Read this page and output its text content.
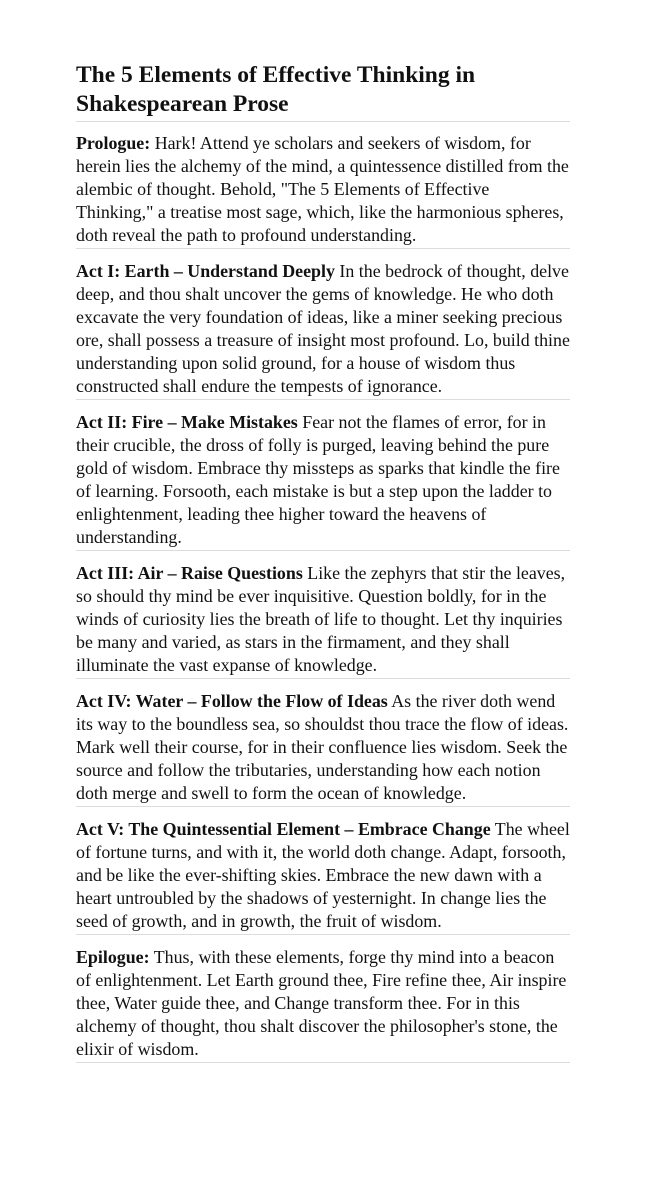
The 5 Elements of Effective Thinking in Shakespearean Prose
Prologue: Hark! Attend ye scholars and seekers of wisdom, for herein lies the alchemy of the mind, a quintessence distilled from the alembic of thought. Behold, "The 5 Elements of Effective Thinking," a treatise most sage, which, like the harmonious spheres, doth reveal the path to profound understanding.
Act I: Earth – Understand Deeply In the bedrock of thought, delve deep, and thou shalt uncover the gems of knowledge. He who doth excavate the very foundation of ideas, like a miner seeking precious ore, shall possess a treasure of insight most profound. Lo, build thine understanding upon solid ground, for a house of wisdom thus constructed shall endure the tempests of ignorance.
Act II: Fire – Make Mistakes Fear not the flames of error, for in their crucible, the dross of folly is purged, leaving behind the pure gold of wisdom. Embrace thy missteps as sparks that kindle the fire of learning. Forsooth, each mistake is but a step upon the ladder to enlightenment, leading thee higher toward the heavens of understanding.
Act III: Air – Raise Questions Like the zephyrs that stir the leaves, so should thy mind be ever inquisitive. Question boldly, for in the winds of curiosity lies the breath of life to thought. Let thy inquiries be many and varied, as stars in the firmament, and they shall illuminate the vast expanse of knowledge.
Act IV: Water – Follow the Flow of Ideas As the river doth wend its way to the boundless sea, so shouldst thou trace the flow of ideas. Mark well their course, for in their confluence lies wisdom. Seek the source and follow the tributaries, understanding how each notion doth merge and swell to form the ocean of knowledge.
Act V: The Quintessential Element – Embrace Change The wheel of fortune turns, and with it, the world doth change. Adapt, forsooth, and be like the ever-shifting skies. Embrace the new dawn with a heart untroubled by the shadows of yesternight. In change lies the seed of growth, and in growth, the fruit of wisdom.
Epilogue: Thus, with these elements, forge thy mind into a beacon of enlightenment. Let Earth ground thee, Fire refine thee, Air inspire thee, Water guide thee, and Change transform thee. For in this alchemy of thought, thou shalt discover the philosopher's stone, the elixir of wisdom.
